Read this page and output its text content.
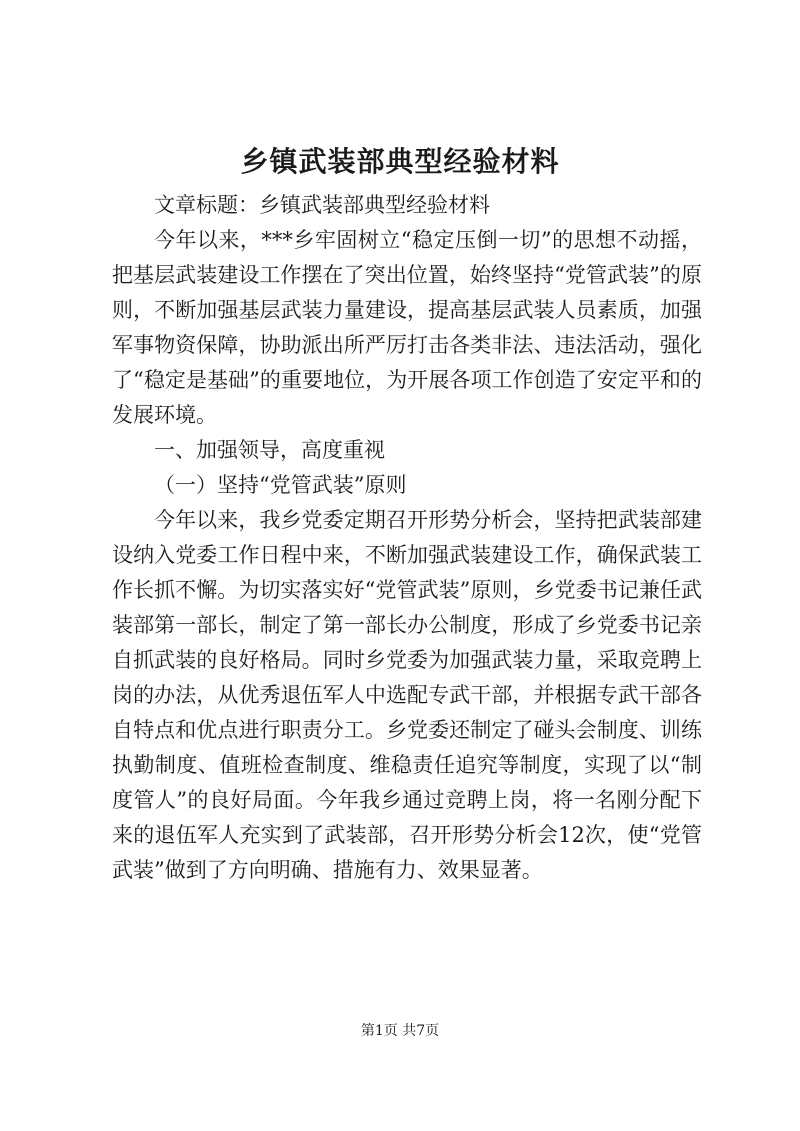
乡镇武装部典型经验材料

文章标题：乡镇武装部典型经验材料

今年以来，***乡牢固树立“稳定压倒一切”的思想不动摇，把基层武装建设工作摆在了突出位置，始终坚持“党管武装”的原则，不断加强基层武装力量建设，提高基层武装人员素质，加强军事物资保障，协助派出所严厉打击各类非法、违法活动，强化了“稳定是基础”的重要地位，为开展各项工作创造了安定平和的发展环境。

一、加强领导，高度重视

（一）坚持“党管武装”原则

今年以来，我乡党委定期召开形势分析会，坚持把武装部建设纳入党委工作日程中来，不断加强武装建设工作，确保武装工作长抓不懈。为切实落实好“党管武装”原则，乡党委书记兼任武装部第一部长，制定了第一部长办公制度，形成了乡党委书记亲自抓武装的良好格局。同时乡党委为加强武装力量，采取竞聘上岗的办法，从优秀退伍军人中选配专武干部，并根据专武干部各自特点和优点进行职责分工。乡党委还制定了碰头会制度、训练执勤制度、值班检查制度、维稳责任追究等制度，实现了以“制度管人”的良好局面。今年我乡通过竞聘上岗，将一名刚分配下来的退伍军人充实到了武装部，召开形势分析会12次，使“党管武装”做到了方向明确、措施有力、效果显著。

第1页 共7页
